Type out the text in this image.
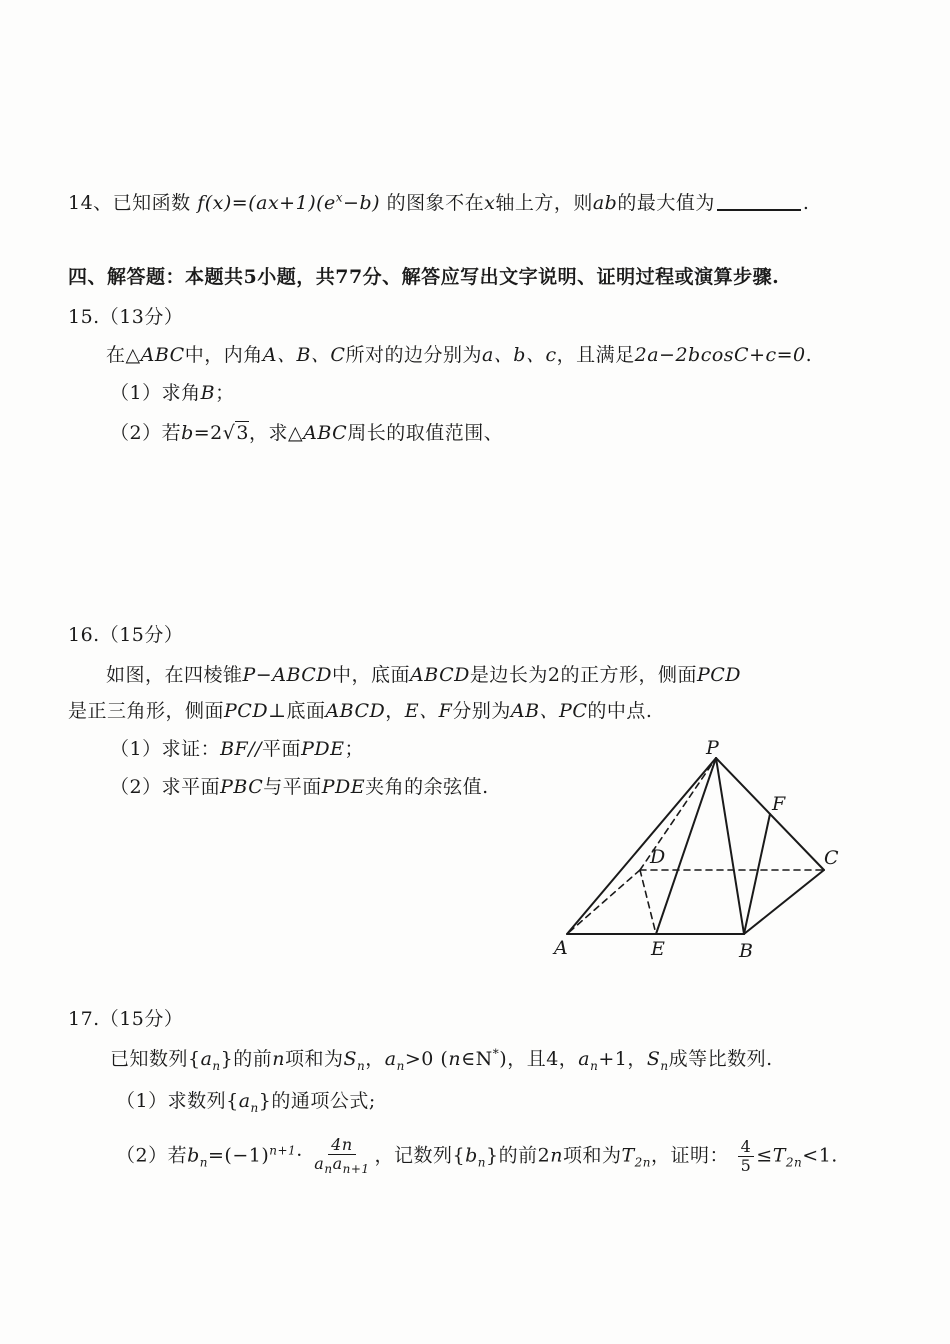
14、已知函数 $f(x)=(ax+1)(e^x-b)$ 的图象不在x轴上方，则ab的最大值为	.
四、解答题：本题共5小题，共77分、解答应写出文字说明、证明过程或演算步骤.
15.（13分）
在△ABC中，内角A、B、C所对的边分别为a、b、c，且满足2a−2bcosC+c=0.
（1）求角B；
（2）若b=2√3，求△ABC周长的取值范围、
16.（15分）
如图，在四棱锥P−ABCD中，底面ABCD是边长为2的正方形，侧面PCD
是正三角形，侧面PCD⊥底面ABCD，E、F分别为AB、PC的中点.
（1）求证：BF//平面PDE；
（2）求平面PBC与平面PDE夹角的余弦值.
P
D
F
C
A	E	B
17.（15分）
已知数列$\{a_n\}$的前n项和为$S_n$，$a_n>0$ (n∈N*)，且4，$a_n+1$，$S_n$成等比数列.
（1）求数列$\{a_n\}$的通项公式;
（2）若$b_n=(-1)^{n+1}\cdot \frac{4n}{a_na_{n+1}}$ ，记数列$\{b_n\}$的前2n项和为$T_{2n}$，证明： $\frac{4}{5} \le T_{2n}<1$.
